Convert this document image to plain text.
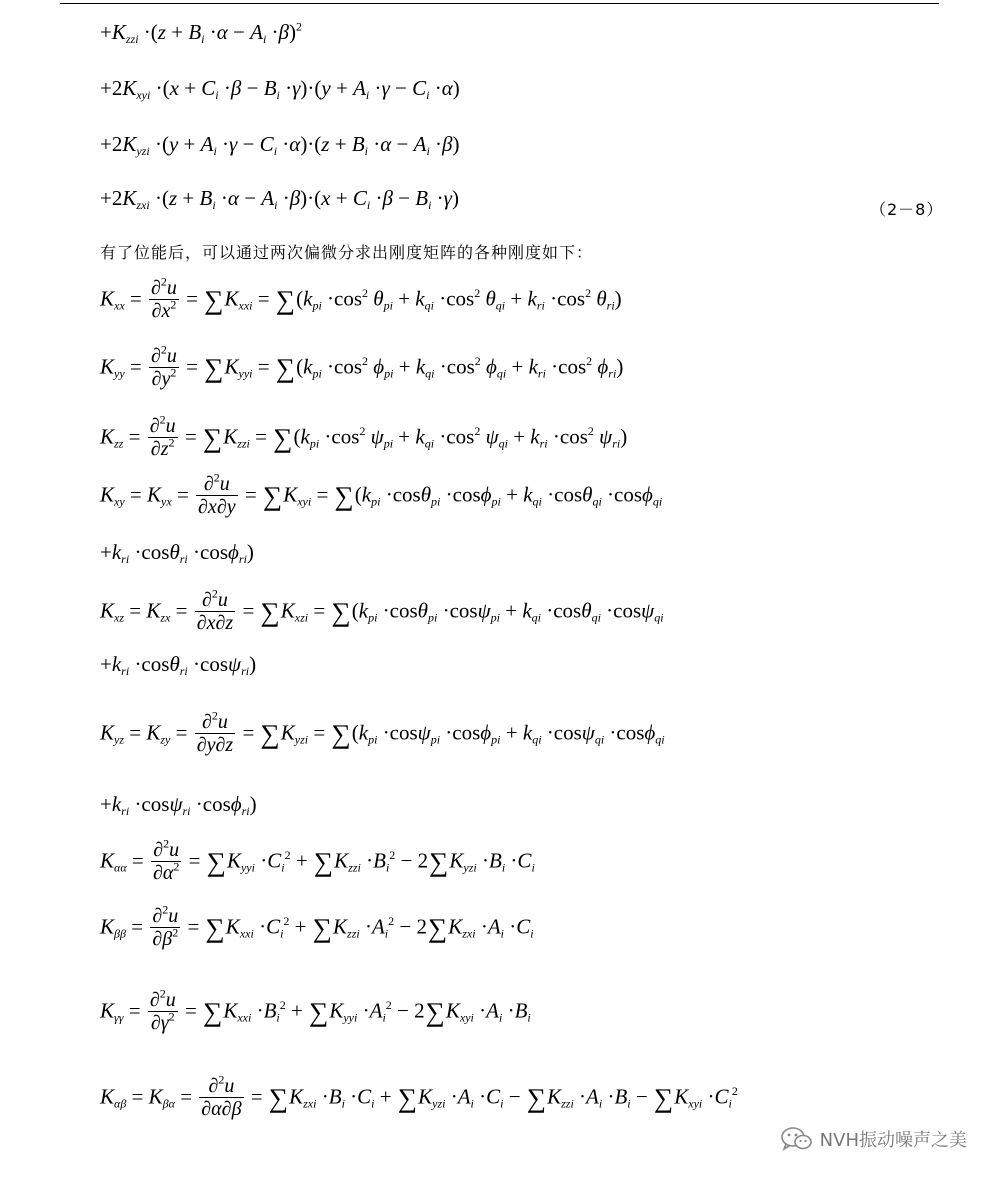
$+K_{zzi} \cdot(z + B_i \cdot\alpha - A_i \cdot\beta)^2$
$+2K_{xyi} \cdot(x + C_i \cdot\beta - B_i \cdot\gamma)\cdot(y + A_i \cdot\gamma - C_i \cdot\alpha)$
$+2K_{yzi} \cdot(y + A_i \cdot\gamma - C_i \cdot\alpha)\cdot(z + B_i \cdot\alpha - A_i \cdot\beta)$
$+2K_{zxi} \cdot(z + B_i \cdot\alpha - A_i \cdot\beta)\cdot(x + C_i \cdot\beta - B_i \cdot\gamma)$	（2－8）
有了位能后，可以通过两次偏微分求出刚度矩阵的各种刚度如下：
$K_{xx} = \frac{\partial^2u}{\partial x^2} = \sum K_{xxi} = \sum(k_{pi} \cdot\cos^2$ $\theta_{pi} + k_{qi} \cdot\cos^2$ $\theta_{qi} + k_{ri} \cdot\cos^2$ $\theta_{ri}$)
$K_{yy} = \frac{\partial^2u}{\partial y^2} = \sum K_{yyi} = \sum(k_{pi} \cdot\cos^2$ $\phi_{pi} + k_{qi} \cdot\cos^2$ $\phi_{qi} + k_{ri} \cdot\cos^2$ $\phi_{ri}$)
$K_{zz} = \frac{\partial^2u}{\partial z^2} = \sum K_{zzi} = \sum(k_{pi} \cdot\cos^2$ $\psi_{pi} + k_{qi} \cdot\cos^2$ $\psi_{qi} + k_{ri} \cdot\cos^2$ $\psi_{ri}$)
$K_{xy} = K_{yx} = \frac{\partial^2u}{\partial x\partial y} = \sum K_{xyi} = \sum(k_{pi} \cdot\cos\theta_{pi} \cdot\cos\phi_{pi} + k_{qi} \cdot\cos\theta_{qi} \cdot\cos\phi_{qi}$
$+k_{ri} \cdot\cos\theta_{ri} \cdot\cos\phi_{ri}$)
$K_{xz} = K_{zx} = \frac{\partial^2u}{\partial x\partial z} = \sum K_{xzi} = \sum(k_{pi} \cdot\cos\theta_{pi} \cdot\cos\psi_{pi} + k_{qi} \cdot\cos\theta_{qi} \cdot\cos\psi_{qi}$
$+k_{ri} \cdot\cos\theta_{ri} \cdot\cos\psi_{ri}$)
$K_{yz} = K_{zy} = \frac{\partial^2u}{\partial y\partial z} = \sum K_{yzi} = \sum(k_{pi} \cdot\cos\psi_{pi} \cdot\cos\phi_{pi} + k_{qi} \cdot\cos\psi_{qi} \cdot\cos\phi_{qi}$
$+k_{ri} \cdot\cos\psi_{ri} \cdot\cos\phi_{ri}$)
$K_{\alpha\alpha} = \frac{\partial^2u}{\partial\alpha^2} = \sum K_{yyi} \cdot C_i^2 + \sum K_{zzi} \cdot B_i^2 - 2\sum K_{yzi} \cdot B_i \cdot C_i$
$K_{\beta\beta} = \frac{\partial^2u}{\partial\beta^2} = \sum K_{xxi} \cdot C_i^2 + \sum K_{zzi} \cdot A_i^2 - 2\sum K_{zxi} \cdot A_i \cdot C_i$
$K_{\gamma\gamma} = \frac{\partial^2u}{\partial\gamma^2} = \sum K_{xxi} \cdot B_i^2 + \sum K_{yyi} \cdot A_i^2 - 2\sum K_{xyi} \cdot A_i \cdot B_i$
$K_{\alpha\beta} = K_{\beta\alpha} = \frac{\partial^2u}{\partial\alpha\partial\beta} = \sum K_{zxi} \cdot B_i \cdot C_i + \sum K_{yzi} \cdot A_i \cdot C_i - \sum K_{zzi} \cdot A_i \cdot B_i - \sum K_{xyi} \cdot C_i^2$
NVH振动噪声之美
